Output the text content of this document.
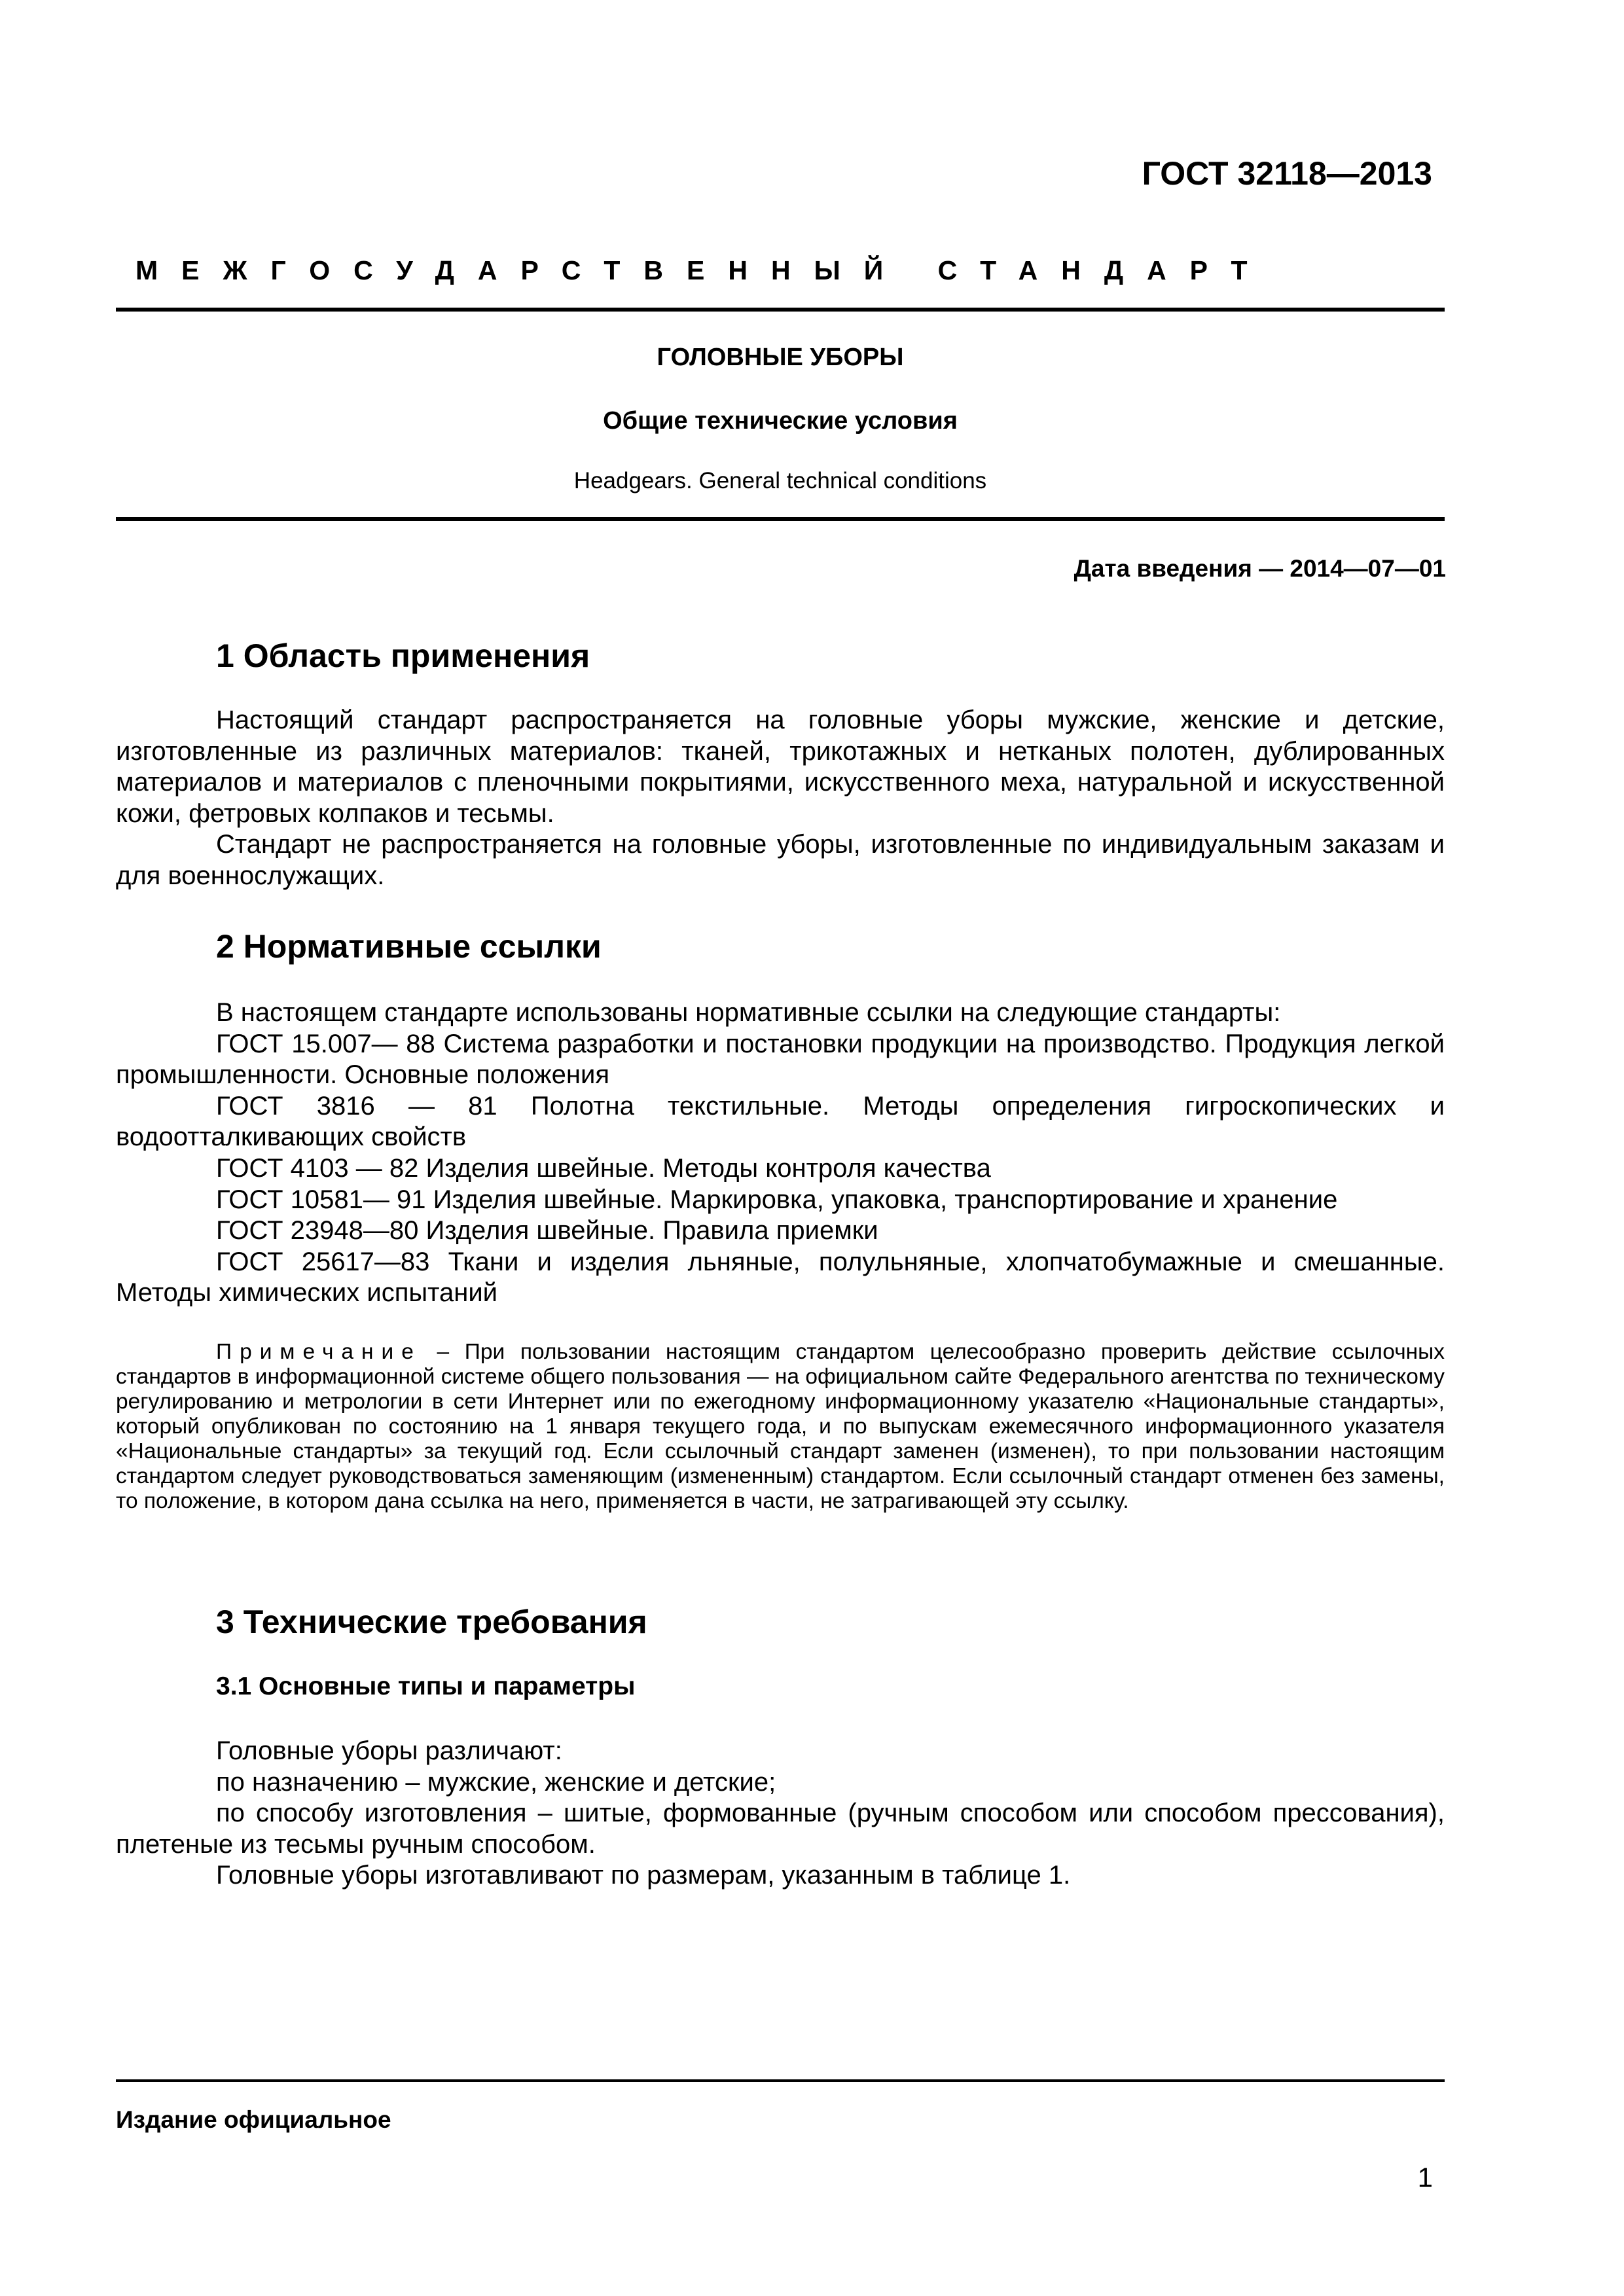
ГОСТ 32118—2013
МЕЖГОСУДАРСТВЕННЫЙ СТАНДАРТ
ГОЛОВНЫЕ УБОРЫ
Общие технические условия
Headgears. General technical conditions
Дата введения — 2014—07—01
1 Область применения

Настоящий стандарт распространяется на головные уборы мужские, женские и детские, изготовленные из различных материалов: тканей, трикотажных и нетканых полотен, дублированных материалов и материалов с пленочными покрытиями, искусственного меха, натуральной и искусственной кожи, фетровых колпаков и тесьмы.

Стандарт не распространяется на головные уборы, изготовленные по индивидуальным заказам и для военнослужащих.

2 Нормативные ссылки

В настоящем стандарте использованы нормативные ссылки на следующие стандарты:

ГОСТ 15.007— 88 Система разработки и постановки продукции на производство. Продукция легкой промышленности. Основные положения

ГОСТ 3816 — 81 Полотна текстильные. Методы определения гигроскопических и водоотталкивающих свойств

ГОСТ 4103 — 82 Изделия швейные. Методы контроля качества

ГОСТ 10581— 91 Изделия швейные. Маркировка, упаковка, транспортирование и хранение

ГОСТ 23948—80 Изделия швейные. Правила приемки

ГОСТ 25617—83 Ткани и изделия льняные, полульняные, хлопчатобумажные и смешанные. Методы химических испытаний

Примечание – При пользовании настоящим стандартом целесообразно проверить действие ссылочных стандартов в информационной системе общего пользования — на официальном сайте Федерального агентства по техническому регулированию и метрологии в сети Интернет или по ежегодному информационному указателю «Национальные стандарты», который опубликован по состоянию на 1 января текущего года, и по выпускам ежемесячного информационного указателя «Национальные стандарты» за текущий год. Если ссылочный стандарт заменен (изменен), то при пользовании настоящим стандартом следует руководствоваться заменяющим (измененным) стандартом. Если ссылочный стандарт отменен без замены, то положение, в котором дана ссылка на него, применяется в части, не затрагивающей эту ссылку.
3 Технические требования
3.1 Основные типы и параметры

Головные уборы различают:

по назначению – мужские, женские и детские;

по способу изготовления – шитые, формованные (ручным способом или способом прессования), плетеные из тесьмы ручным способом.

Головные уборы изготавливают по размерам, указанным в таблице 1.

Издание официальное
1
